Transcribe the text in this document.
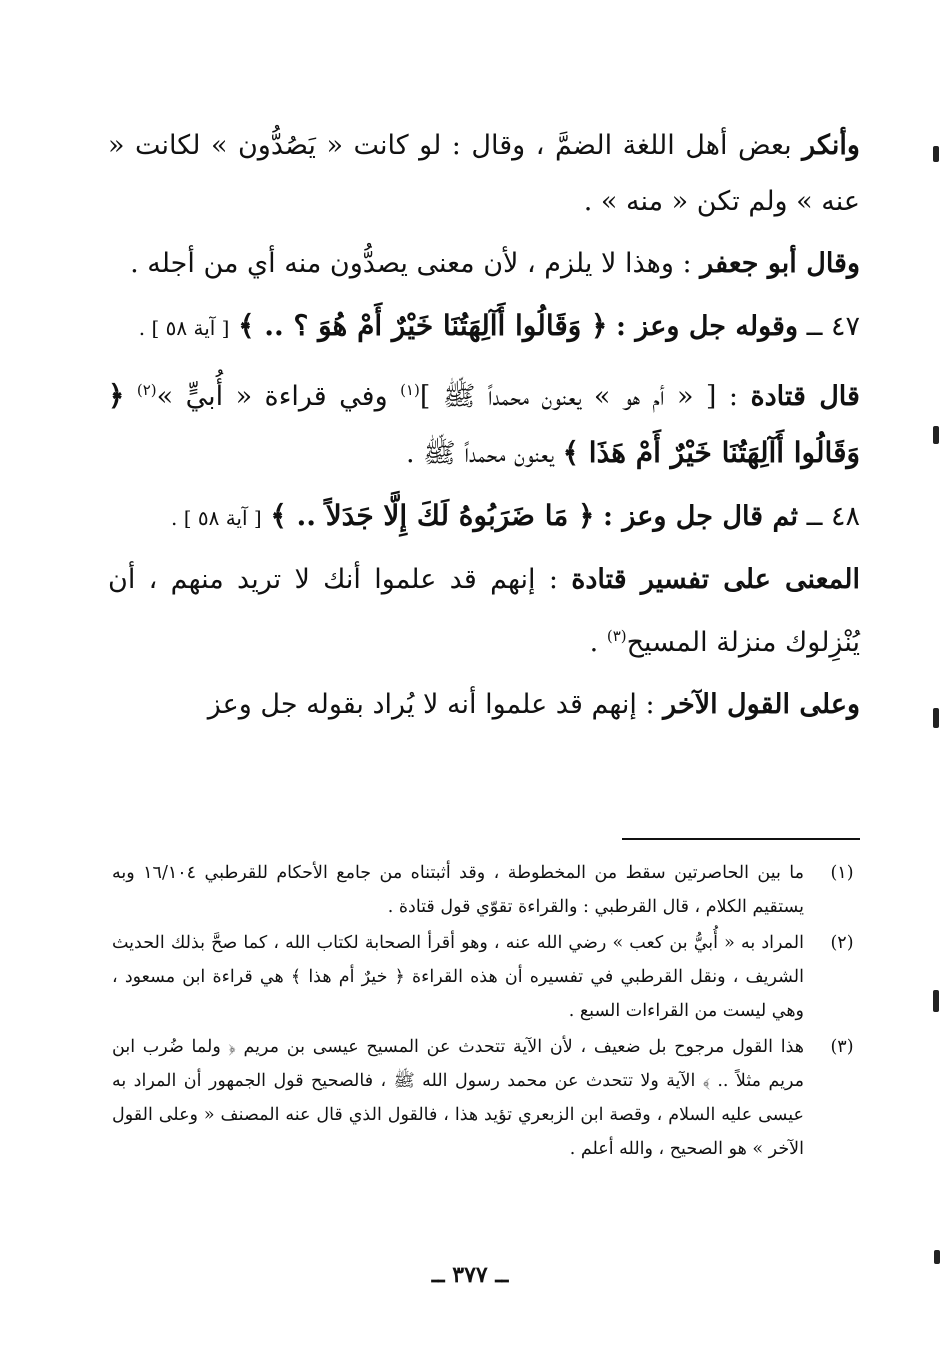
وأنكر بعض أهل اللغة الضمَّ ، وقال : لو كانت « يَصُدُّون » لكانت « عنه » ولم تكن « منه » .

وقال أبو جعفر : وهذا لا يلزم ، لأن معنى يصدُّون منه أي من أجله .

٤٧ ــ وقوله جل وعز : ﴿ وَقَالُوا أَآلِهَتُنَا خَيْرٌ أَمْ هُوَ ؟ .. ﴾ [ آية ٥٨ ] .

قال قتادة : [ « أم هو » يعنون محمداً ﷺ ]$^{(١)}$ وفي قراءة « أُبيٍّ »$^{(٢)}$ ﴿ وَقَالُوا أَآلِهَتُنَا خَيْرٌ أَمْ هَذَا ﴾ يعنون محمداً ﷺ .

٤٨ ــ ثم قال جل وعز : ﴿ مَا ضَرَبُوهُ لَكَ إِلَّا جَدَلاً .. ﴾ [ آية ٥٨ ] .

المعنى على تفسير قتادة : إنهم قد علموا أنك لا تريد منهم ، أن يُنْزِلوك منزلة المسيح$^{(٣)}$ .

وعلى القول الآخر : إنهم قد علموا أنه لا يُراد بقوله جل وعز

(١)
ما بين الحاصرتين سقط من المخطوطة ، وقد أثبتناه من جامع الأحكام للقرطبي ١٦/١٠٤ وبه يستقيم الكلام ، قال القرطبي : والقراءة تقوّي قول قتادة .
(٢)
المراد به « أُبيُّ بن كعب » رضي الله عنه ، وهو أقرأ الصحابة لكتاب الله ، كما صحَّ بذلك الحديث الشريف ، ونقل القرطبي في تفسيره أن هذه القراءة ﴿ خيرٌ أم هذا ﴾ هي قراءة ابن مسعود ، وهي ليست من القراءات السبع .
(٣)
هذا القول مرجوح بل ضعيف ، لأن الآية تتحدث عن المسيح عيسى بن مريم ﴿ ولما ضُرب ابن مريم مثلاً .. ﴾ الآية ولا تتحدث عن محمد رسول الله ﷺ ، فالصحيح قول الجمهور أن المراد به عيسى عليه السلام ، وقصة ابن الزبعري تؤيد هذا ، فالقول الذي قال عنه المصنف « وعلى القول الآخر » هو الصحيح ، والله أعلم .
ــ ٣٧٧ ــ
